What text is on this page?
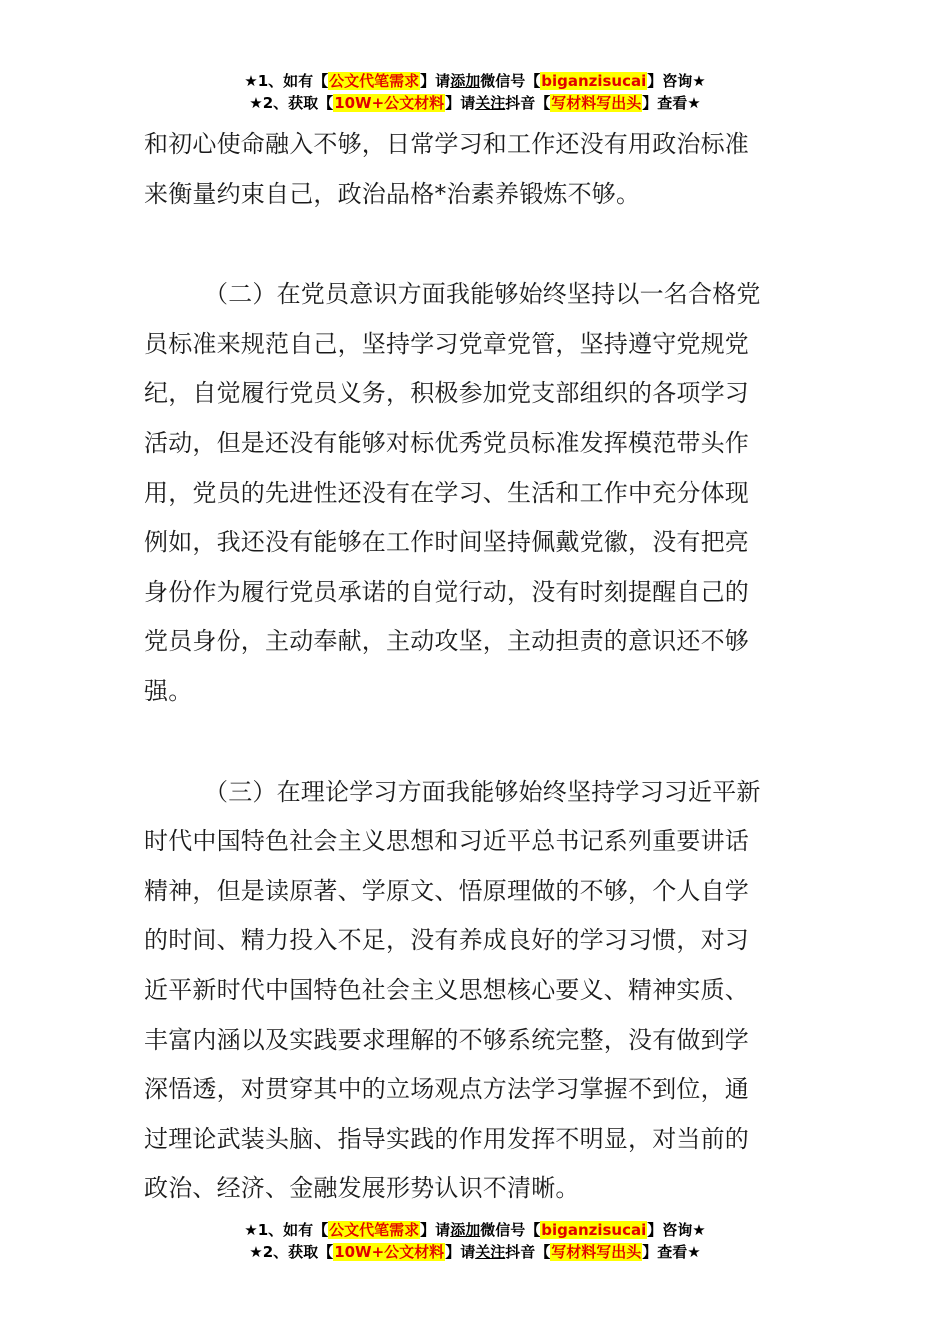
★1、如有【公文代笔需求】请添加微信号【biganzisucai】咨询★
★2、获取【10W+公文材料】请关注抖音【写材料写出头】查看★

和初心使命融入不够，日常学习和工作还没有用政治标准

来衡量约束自己，政治品格*治素养锻炼不够。

（二）在党员意识方面我能够始终坚持以一名合格党

员标准来规范自己，坚持学习党章党管，坚持遵守党规党

纪，自觉履行党员义务，积极参加党支部组织的各项学习

活动，但是还没有能够对标优秀党员标准发挥模范带头作

用，党员的先进性还没有在学习、生活和工作中充分体现

例如，我还没有能够在工作时间坚持佩戴党徽，没有把亮

身份作为履行党员承诺的自觉行动，没有时刻提醒自己的

党员身份，主动奉献，主动攻坚，主动担责的意识还不够

强。

（三）在理论学习方面我能够始终坚持学习习近平新

时代中国特色社会主义思想和习近平总书记系列重要讲话

精神，但是读原著、学原文、悟原理做的不够，个人自学

的时间、精力投入不足，没有养成良好的学习习惯，对习

近平新时代中国特色社会主义思想核心要义、精神实质、

丰富内涵以及实践要求理解的不够系统完整，没有做到学

深悟透，对贯穿其中的立场观点方法学习掌握不到位，通

过理论武装头脑、指导实践的作用发挥不明显，对当前的

政治、经济、金融发展形势认识不清晰。

★1、如有【公文代笔需求】请添加微信号【biganzisucai】咨询★
★2、获取【10W+公文材料】请关注抖音【写材料写出头】查看★
